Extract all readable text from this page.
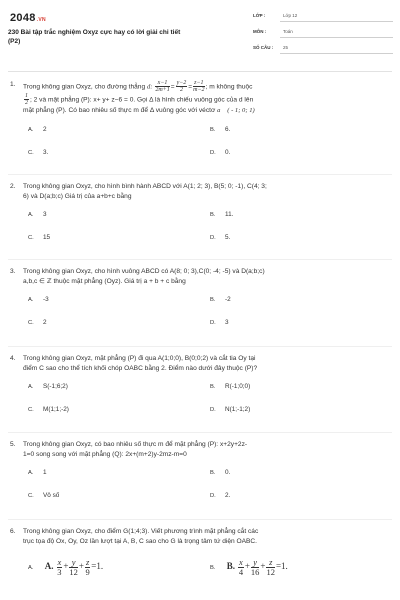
2048.VN
230 Bài tập trắc nghiệm Oxyz cực hay có lời giải chi tiết
(P2)
LỚP :	Lớp 12
MÔN :	Toán
SỐ CÂU : 25
1. Trong không gian Oxyz, cho đường thẳng d: $\frac{x-1}{2m+1} = \frac{y-2}{2} = \frac{z-1}{m-2}$ ; m không thuộc

$\frac{1}{2}$ ; 2 và mặt phẳng (P): x+ y+ z−6 = 0. Gọi Δ là hình chiếu vuông góc của d lên
mặt phẳng (P). Có bao nhiêu số thực m để Δ vuông góc với véctơ a⃗ ( - 1; 0; 1)
A. 2	B. 6.
C. 3.	D. 0.
2. Trong không gian Oxyz, cho hình bình hành ABCD với A(1; 2; 3), B(5; 0; -1), C(4; 3;
6) và D(a;b;c) Giá trị của a+b+c bằng
A. 3	B. 11.
C. 15	D. 5.
3. Trong không gian Oxyz, cho hình vuông ABCD có A(8; 0; 3),C(0; -4; -5) và D(a;b;c)
a,b,c ∈ ℤ thuộc mặt phẳng (Oyz). Giá trị a + b + c bằng
A. -3	B. -2
C. 2	D. 3
4. Trong không gian Oxyz, mặt phẳng (P) đi qua A(1;0;0), B(0;0;2) và cắt tia Oy tại
điểm C sao cho thể tích khối chóp OABC bằng 2. Điểm nào dưới đây thuộc (P)?
A. S(-1;6;2)	B. R(-1;0;0)
C. M(1;1;-2)	D. N(1;-1;2)
5. Trong không gian Oxyz, có bao nhiêu số thực m để mặt phẳng (P): x+2y+2z-
1=0 song song với mặt phẳng (Q): 2x+(m+2)y-2mz-m=0
A. 1	B. 0.
C. Vô số	D. 2.
6. Trong không gian Oxyz, cho điểm G(1;4;3). Viết phương trình mặt phẳng cắt các
trục tọa độ Ox, Oy, Oz lần lượt tại A, B, C sao cho G là trọng tâm tứ diện OABC.
A. A. $\frac{x}{3} + \frac{y}{12} + \frac{z}{9} =1$.	B. B. $\frac{x}{4} + \frac{y}{16} + \frac{z}{12} =1$.
